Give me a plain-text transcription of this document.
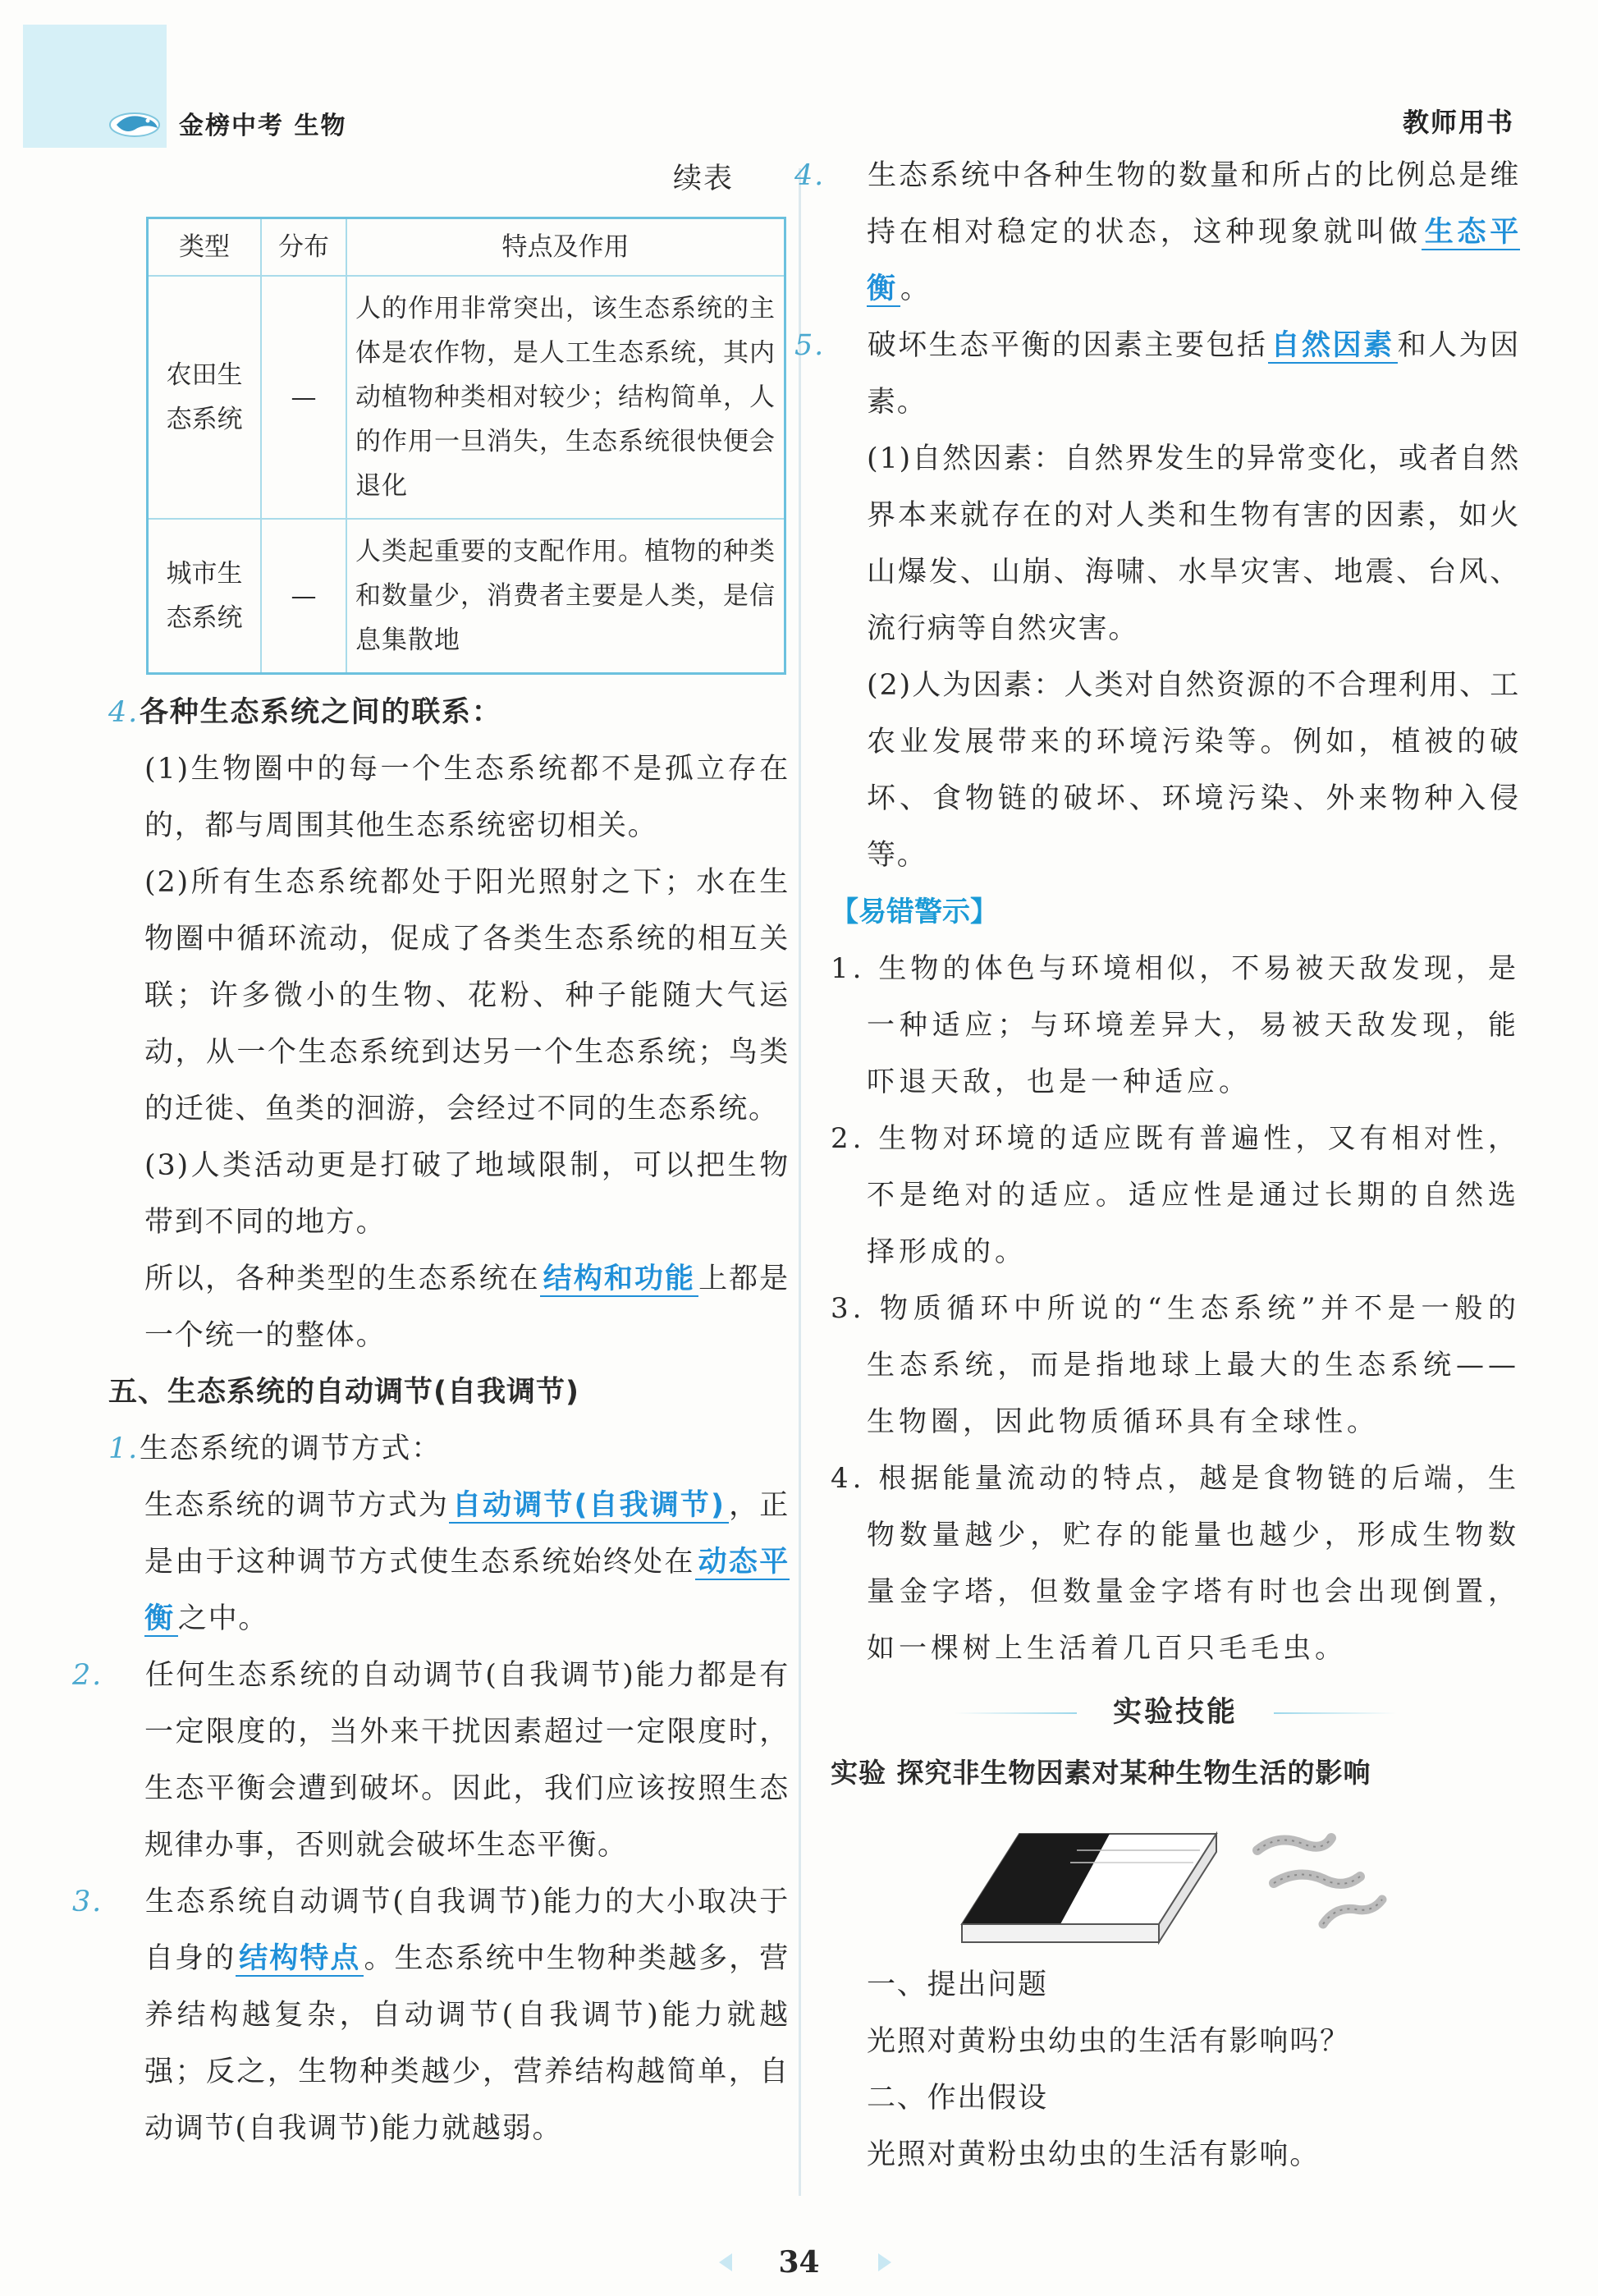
金榜中考 生物	教师用书
续表
类型	分布	特点及作用
农田生态系统	—	人的作用非常突出，该生态系统的主体是农作物，是人工生态系统，其内动植物种类相对较少；结构简单，人的作用一旦消失，生态系统很快便会退化
城市生态系统	—	人类起重要的支配作用。植物的种类和数量少，消费者主要是人类，是信息集散地

4.各种生态系统之间的联系：

(1)生物圈中的每一个生态系统都不是孤立存在的，都与周围其他生态系统密切相关。

(2)所有生态系统都处于阳光照射之下；水在生物圈中循环流动，促成了各类生态系统的相互关联；许多微小的生物、花粉、种子能随大气运动，从一个生态系统到达另一个生态系统；鸟类的迁徙、鱼类的洄游，会经过不同的生态系统。

(3)人类活动更是打破了地域限制，可以把生物带到不同的地方。

所以，各种类型的生态系统在 结构和功能 上都是一个统一的整体。

五、生态系统的自动调节(自我调节)

1.生态系统的调节方式：

生态系统的调节方式为 自动调节(自我调节) ，正是由于这种调节方式使生态系统始终处在 动态平衡 之中。

2. 任何生态系统的自动调节(自我调节)能力都是有一定限度的，当外来干扰因素超过一定限度时，生态平衡会遭到破坏。因此，我们应该按照生态规律办事，否则就会破坏生态平衡。

3. 生态系统自动调节(自我调节)能力的大小取决于自身的 结构特点 。生态系统中生物种类越多，营养结构越复杂，自动调节(自我调节)能力就越强；反之，生物种类越少，营养结构越简单，自动调节(自我调节)能力就越弱。

4. 生态系统中各种生物的数量和所占的比例总是维持在相对稳定的状态，这种现象就叫做 生态平衡 。

5. 破坏生态平衡的因素主要包括 自然因素 和人为因素。

(1)自然因素：自然界发生的异常变化，或者自然界本来就存在的对人类和生物有害的因素，如火山爆发、山崩、海啸、水旱灾害、地震、台风、流行病等自然灾害。

(2)人为因素：人类对自然资源的不合理利用、工农业发展带来的环境污染等。例如，植被的破坏、食物链的破坏、环境污染、外来物种入侵等。

【易错警示】

1. 生物的体色与环境相似，不易被天敌发现，是一种适应；与环境差异大，易被天敌发现，能吓退天敌，也是一种适应。

2. 生物对环境的适应既有普遍性，又有相对性，不是绝对的适应。适应性是通过长期的自然选择形成的。

3. 物质循环中所说的“生态系统”并不是一般的生态系统，而是指地球上最大的生态系统——生物圈，因此物质循环具有全球性。

4. 根据能量流动的特点，越是食物链的后端，生物数量越少，贮存的能量也越少，形成生物数量金字塔，但数量金字塔有时也会出现倒置，如一棵树上生活着几百只毛毛虫。

实验技能

实验 探究非生物因素对某种生物生活的影响

一、提出问题

光照对黄粉虫幼虫的生活有影响吗？

二、作出假设

光照对黄粉虫幼虫的生活有影响。

34
